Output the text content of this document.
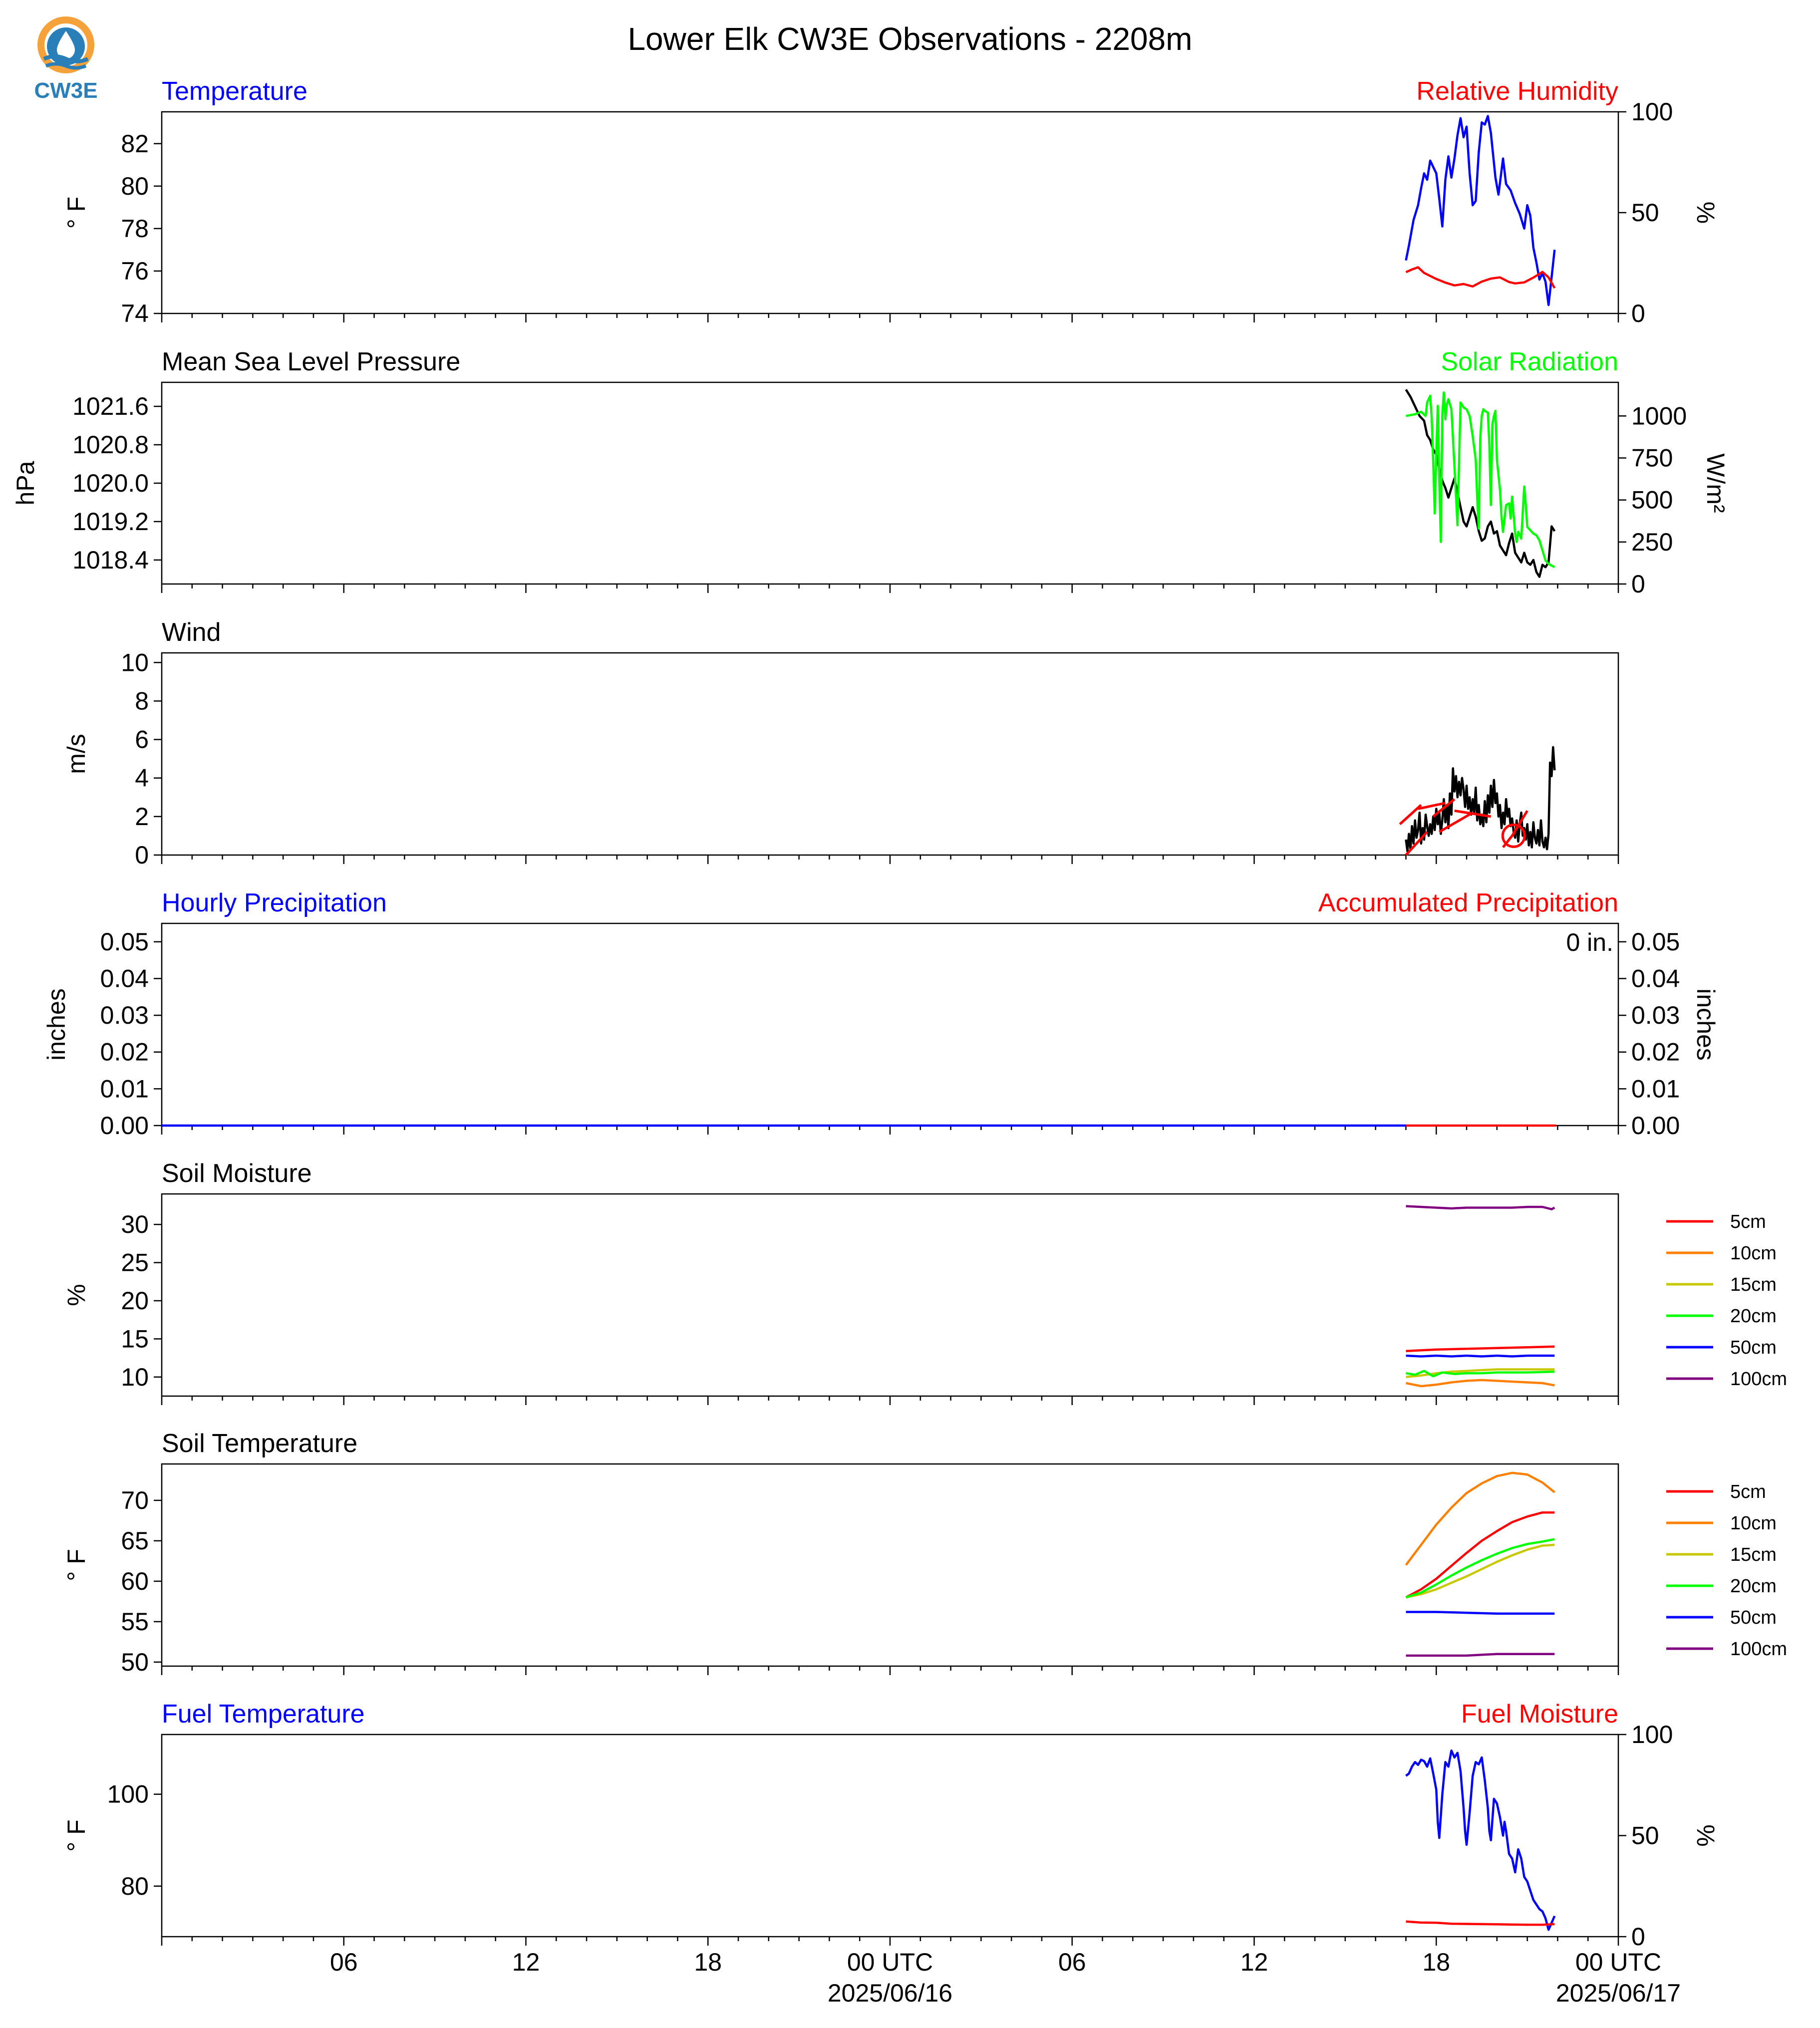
CW3E
Lower Elk CW3E Observations - 2208m
Temperature	Relative Humidity
74
76
78
80
82
° F
0
50
100
%
Mean Sea Level Pressure	Solar Radiation
1018.4
1019.2
1020.0
1020.8
1021.6
hPa
0
250
500
750
1000
W/m²
Wind
0
2
4
6
8
10
m/s
Hourly Precipitation	Accumulated Precipitation
0.00
0.01
0.02
0.03
0.04
0.05
inches
0.00
0.01
0.02
0.03
0.04
0.05
inches
0 in.
Soil Moisture
10
15
20
25
30
%
5cm
10cm
15cm
20cm
50cm
100cm
Soil Temperature
50
55
60
65
70
° F
5cm
10cm
15cm
20cm
50cm
100cm
Fuel Temperature	Fuel Moisture
80
100
° F
0
50
100
%
06	12	18	00 UTC	06	12	18	00 UTC
2025/06/16	2025/06/17
